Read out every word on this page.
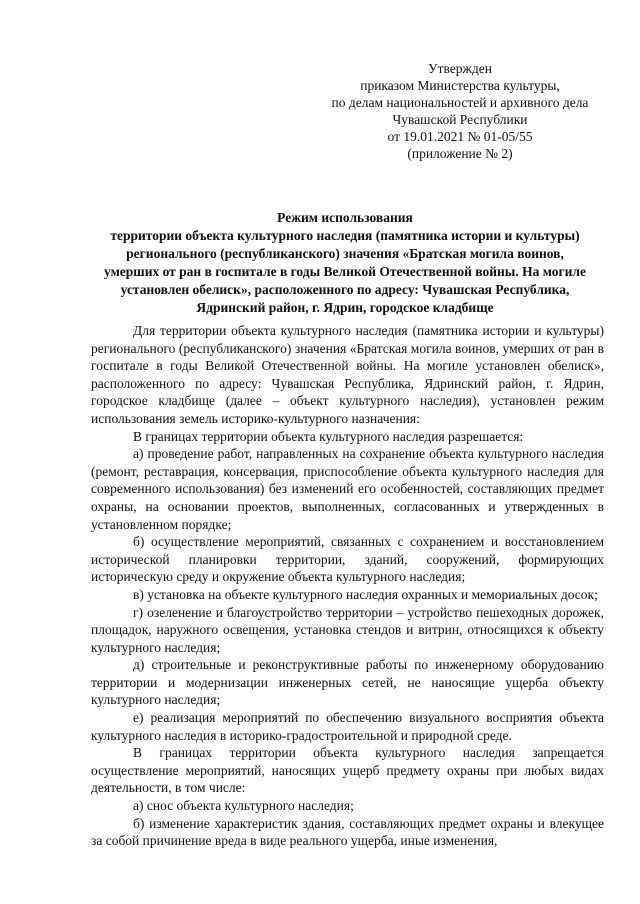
Утвержден
приказом Министерства культуры,
по делам национальностей и архивного дела
Чувашской Республики
от 19.01.2021 № 01-05/55
(приложение № 2)
Режим использования
территории объекта культурного наследия (памятника истории и культуры)
регионального (республиканского) значения «Братская могила воинов,
умерших от ран в госпитале в годы Великой Отечественной войны. На могиле
установлен обелиск», расположенного по адресу: Чувашская Республика,
Ядринский район, г. Ядрин, городское кладбище

Для территории объекта культурного наследия (памятника истории и культуры) регионального (республиканского) значения «Братская могила воинов, умерших от ран в госпитале в годы Великой Отечественной войны. На могиле установлен обелиск», расположенного по адресу: Чувашская Республика, Ядринский район, г. Ядрин, городское кладбище (далее – объект культурного наследия), установлен режим использования земель историко-культурного назначения:

В границах территории объекта культурного наследия разрешается:

а) проведение работ, направленных на сохранение объекта культурного наследия (ремонт, реставрация, консервация, приспособление объекта культурного наследия для современного использования) без изменений его особенностей, составляющих предмет охраны, на основании проектов, выполненных, согласованных и утвержденных в установленном порядке;

б) осуществление мероприятий, связанных с сохранением и восстановлением исторической планировки территории, зданий, сооружений, формирующих историческую среду и окружение объекта культурного наследия;

в) установка на объекте культурного наследия охранных и мемориальных досок;

г) озеленение и благоустройство территории – устройство пешеходных дорожек, площадок, наружного освещения, установка стендов и витрин, относящихся к объекту культурного наследия;

д) строительные и реконструктивные работы по инженерному оборудованию территории и модернизации инженерных сетей, не наносящие ущерба объекту культурного наследия;

е) реализация мероприятий по обеспечению визуального восприятия объекта культурного наследия в историко-градостроительной и природной среде.

В границах территории объекта культурного наследия запрещается осуществление мероприятий, наносящих ущерб предмету охраны при любых видах деятельности, в том числе:

а) снос объекта культурного наследия;

б) изменение характеристик здания, составляющих предмет охраны и влекущее за собой причинение вреда в виде реального ущерба, иные изменения,
